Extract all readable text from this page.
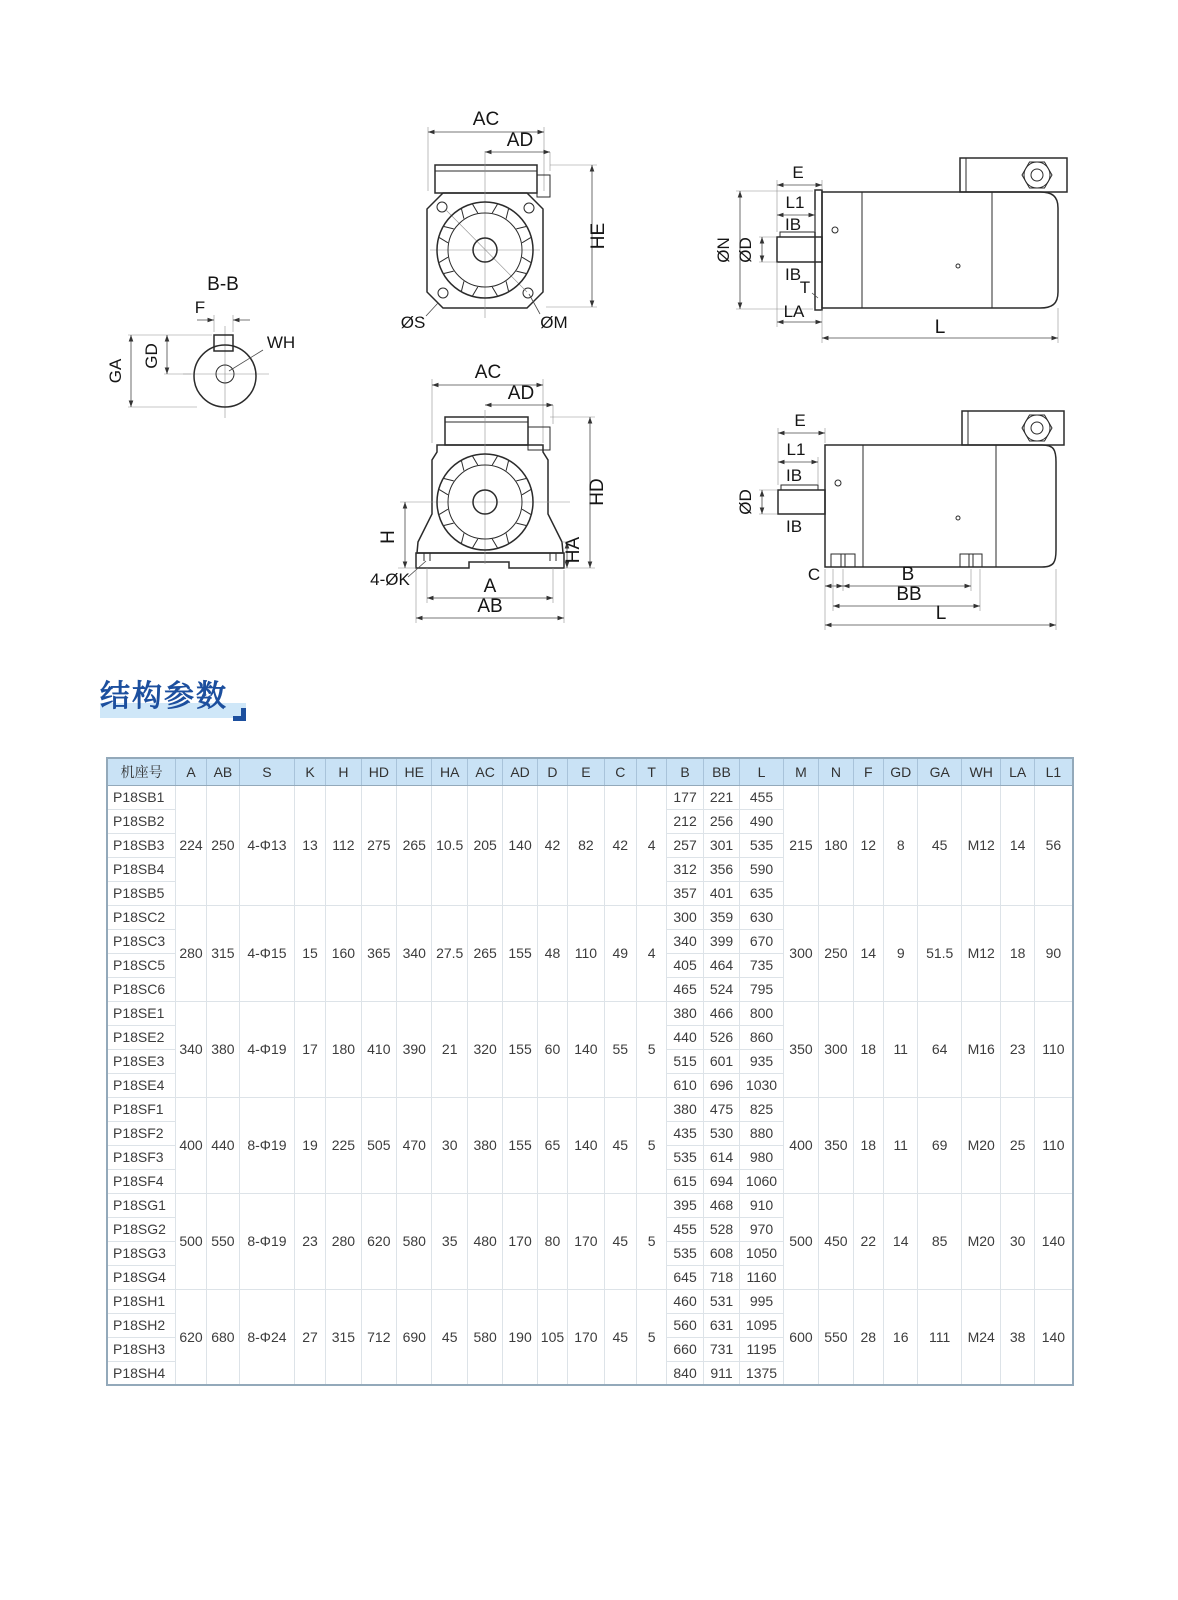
B-B
F
GA
GD
WH
AC
AD
HE
ØS	ØM
E
L1
IB
ØN ØD
IB
T
LA
L
AC
AD
H	HA
HD
4-ØK	A
AB
E
L1
IB
ØD
IB
C	B
BB
L
结构参数
机座号	A	AB	S	K	H	HD	HE	HA	AC	AD	D	E	C	T	B	BB	L	M	N	F	GD	GA	WH	LA	L1
P18SB1	224	250	4-Φ13	13	112	275	265	10.5	205	140	42	82	42	4	177	221	455	215	180	12	8	45	M12	14	56
P18SB2															212	256	490								
P18SB3															257	301	535								
P18SB4															312	356	590								
P18SB5															357	401	635								
P18SC2	280	315	4-Φ15	15	160	365	340	27.5	265	155	48	110	49	4	300	359	630	300	250	14	9	51.5	M12	18	90
P18SC3															340	399	670								
P18SC5															405	464	735								
P18SC6															465	524	795								
P18SE1	340	380	4-Φ19	17	180	410	390	21	320	155	60	140	55	5	380	466	800	350	300	18	11	64	M16	23	110
P18SE2															440	526	860								
P18SE3															515	601	935								
P18SE4															610	696	1030								
P18SF1	400	440	8-Φ19	19	225	505	470	30	380	155	65	140	45	5	380	475	825	400	350	18	11	69	M20	25	110
P18SF2															435	530	880								
P18SF3															535	614	980								
P18SF4															615	694	1060								
P18SG1	500	550	8-Φ19	23	280	620	580	35	480	170	80	170	45	5	395	468	910	500	450	22	14	85	M20	30	140
P18SG2															455	528	970								
P18SG3															535	608	1050								
P18SG4															645	718	1160								
P18SH1	620	680	8-Φ24	27	315	712	690	45	580	190	105	170	45	5	460	531	995	600	550	28	16	111	M24	38	140
P18SH2															560	631	1095								
P18SH3															660	731	1195								
P18SH4															840	911	1375								
